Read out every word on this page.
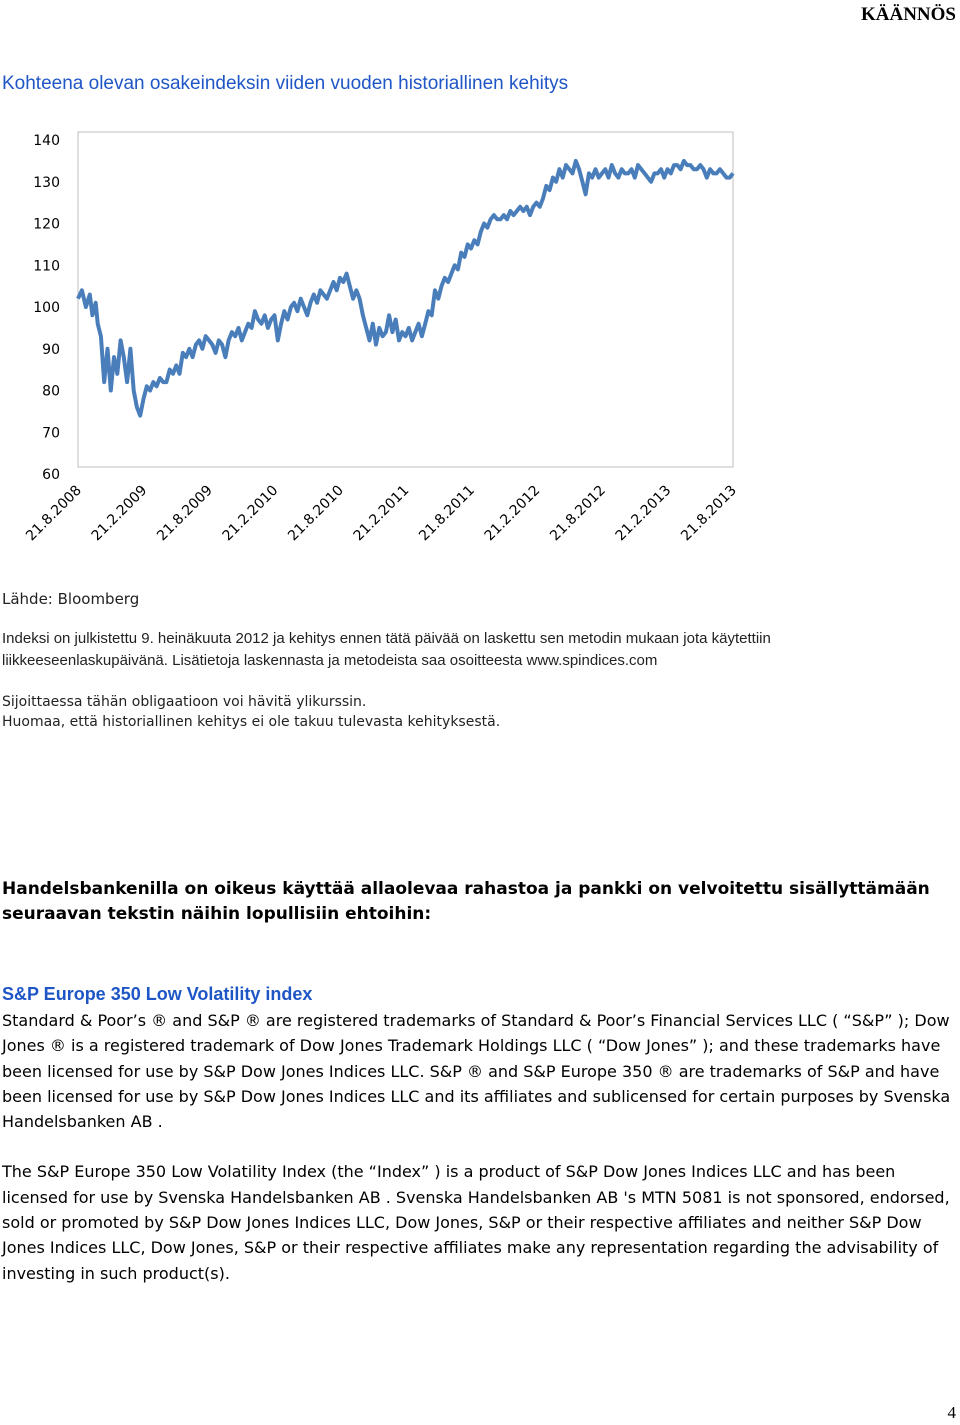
KÄÄNNÖS
Kohteena olevan osakeindeksin viiden vuoden historiallinen kehitys
140
130
120
110
100
90
80
70
60
21.8.2008 21.2.2009 21.8.2009 21.2.2010 21.8.2010 21.2.2011 21.8.2011 21.2.2012 21.8.2012 21.2.2013 21.8.2013
Lähde: Bloomberg

Indeksi on julkistettu 9. heinäkuuta 2012 ja kehitys ennen tätä päivää on laskettu sen metodin mukaan jota käytettiin

liikkeeseenlaskupäivänä. Lisätietoja laskennasta ja metodeista saa osoitteesta www.spindices.com

Sijoittaessa tähän obligaatioon voi hävitä ylikurssin.

Huomaa, että historiallinen kehitys ei ole takuu tulevasta kehityksestä.

Handelsbankenilla on oikeus käyttää allaolevaa rahastoa ja pankki on velvoitettu sisällyttämään seuraavan tekstin näihin lopullisiin ehtoihin:

S&P Europe 350 Low Volatility index

Standard & Poor’s ® and S&P ® are registered trademarks of Standard & Poor’s Financial Services LLC ( “S&P” ); Dow Jones ® is a registered trademark of Dow Jones Trademark Holdings LLC ( “Dow Jones” ); and these trademarks have been licensed for use by S&P Dow Jones Indices LLC. S&P ® and S&P Europe 350 ® are trademarks of S&P and have been licensed for use by S&P Dow Jones Indices LLC and its affiliates and sublicensed for certain purposes by Svenska Handelsbanken AB .

The S&P Europe 350 Low Volatility Index (the “Index” ) is a product of S&P Dow Jones Indices LLC and has been licensed for use by Svenska Handelsbanken AB . Svenska Handelsbanken AB 's MTN 5081 is not sponsored, endorsed, sold or promoted by S&P Dow Jones Indices LLC, Dow Jones, S&P or their respective affiliates and neither S&P Dow Jones Indices LLC, Dow Jones, S&P or their respective affiliates make any representation regarding the advisability of investing in such product(s).

4
